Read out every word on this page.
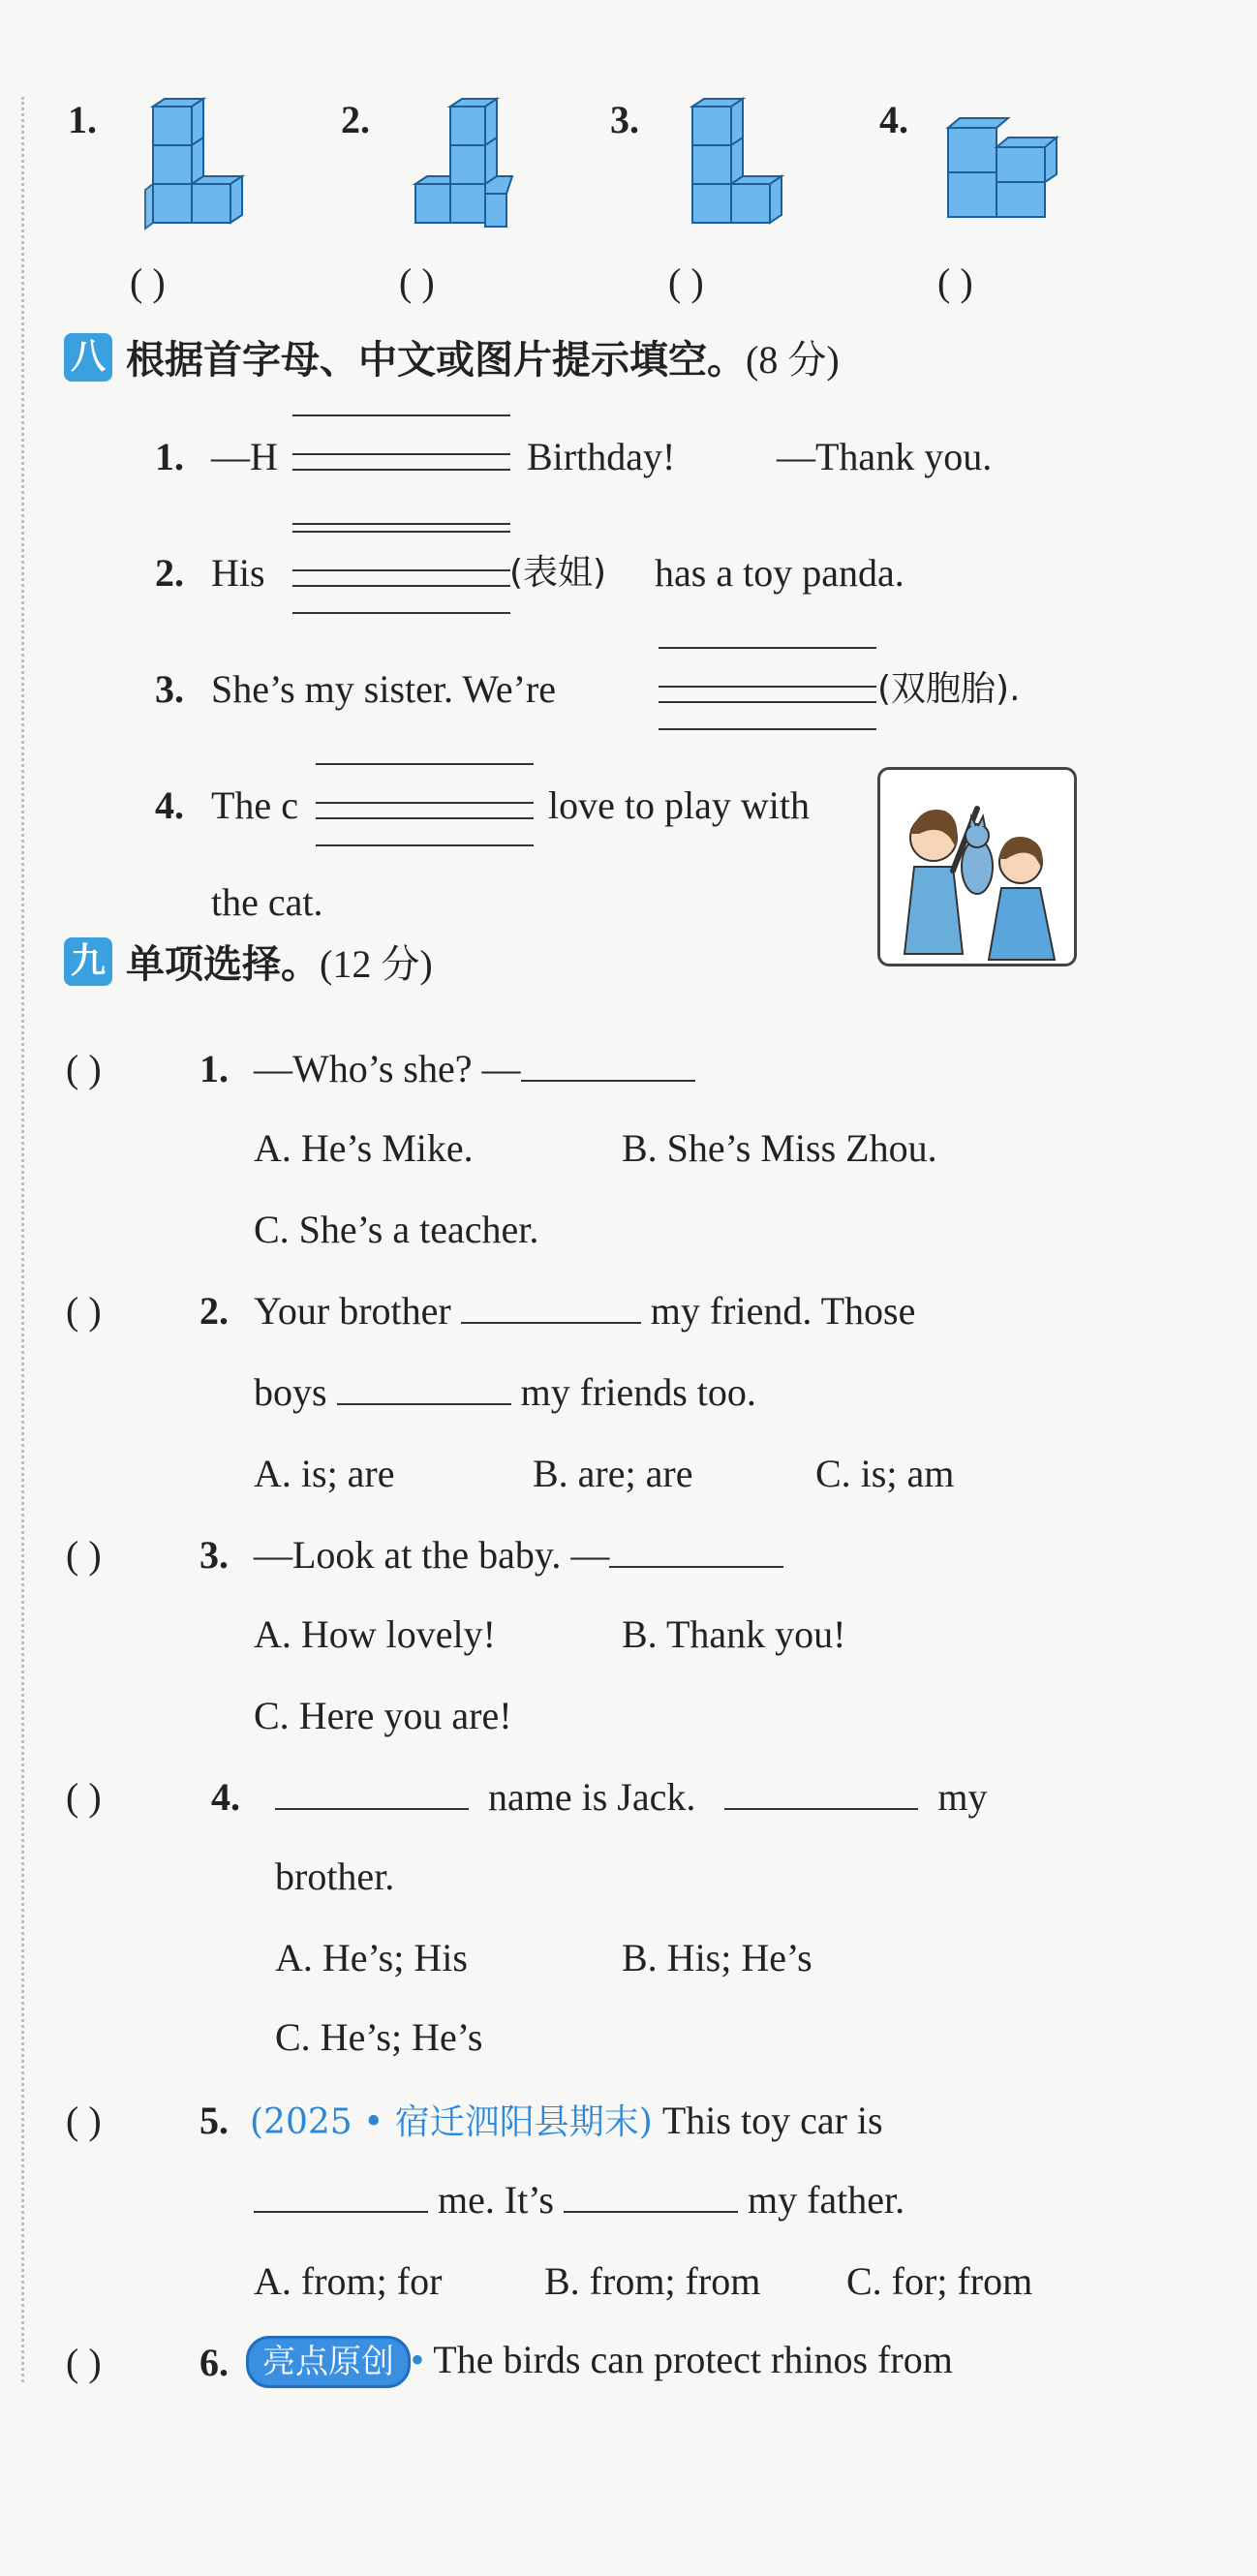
1.	2.	3.	4.
( )	( )	( )	( )
八 根据首字母、中文或图片提示填空。 (8 分)
1. —H	Birthday!	—Thank you.
2. His	(表姐) has a toy panda.
3. She’s my sister. We’re	(双胞胎).
4. The c	love to play with
the cat.
九 单项选择。 (12 分)
( )	1. —Who’s she? —
A. He’s Mike.	B. She’s Miss Zhou.
C. She’s a teacher.
( )	2. Your brother	my friend. Those
boys	my friends too.
A. is; are	B. are; are	C. is; am
( )	3. —Look at the baby. —
A. How lovely!	B. Thank you!
C. Here you are!
( )	4.	name is Jack.	my
brother.
A. He’s; His	B. His; He’s
C. He’s; He’s
( )	5. (2025 • 宿迁泗阳县期末) This toy car is
me. It’s	my father.
A. from; for	B. from; from C. for; from
( )	6.	亮点原创 • The birds can protect rhinos from
